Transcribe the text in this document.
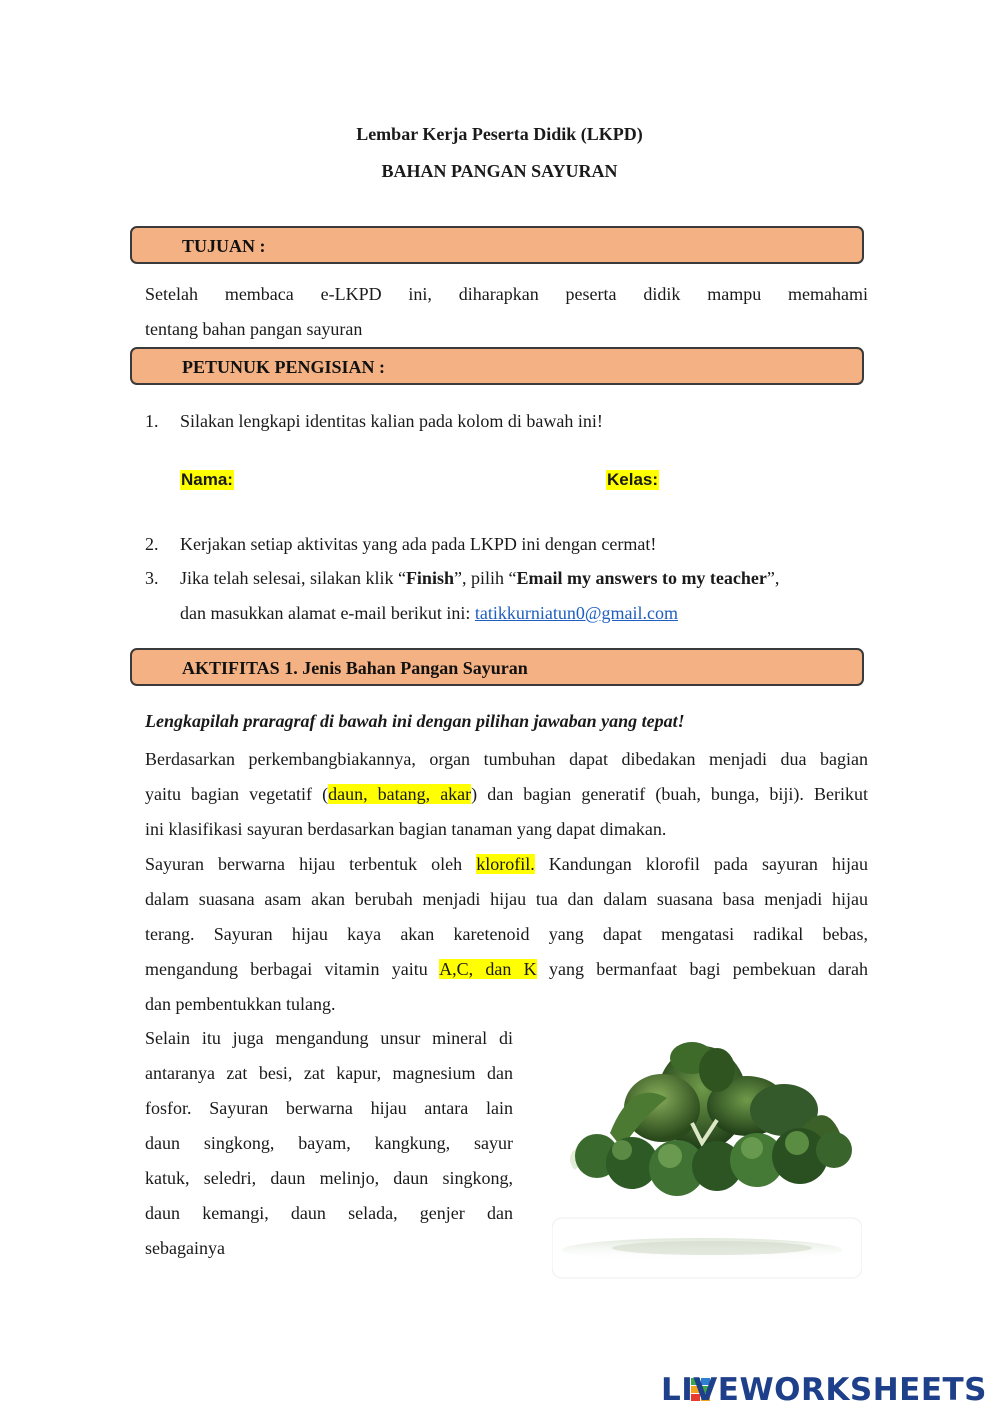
Lembar Kerja Peserta Didik (LKPD)
BAHAN PANGAN SAYURAN
TUJUAN :
Setelah membaca e-LKPD ini, diharapkan peserta didik mampu memahami
tentang bahan pangan sayuran
PETUNUK PENGISIAN :
1. Silakan lengkapi identitas kalian pada kolom di bawah ini!
Nama:	Kelas:
2. Kerjakan setiap aktivitas yang ada pada LKPD ini dengan cermat!
3. Jika telah selesai, silakan klik “Finish”, pilih “Email my answers to my teacher”,
dan masukkan alamat e-mail berikut ini: tatikkurniatun0@gmail.com
AKTIFITAS 1. Jenis Bahan Pangan Sayuran
Lengkapilah praragraf di bawah ini dengan pilihan jawaban yang tepat!
Berdasarkan perkembangbiakannya, organ tumbuhan dapat dibedakan menjadi dua bagian
yaitu bagian vegetatif (daun, batang, akar) dan bagian generatif (buah, bunga, biji). Berikut
ini klasifikasi sayuran berdasarkan bagian tanaman yang dapat dimakan.
Sayuran berwarna hijau terbentuk oleh klorofil. Kandungan klorofil pada sayuran hijau
dalam suasana asam akan berubah menjadi hijau tua dan dalam suasana basa menjadi hijau
terang. Sayuran hijau kaya akan karetenoid yang dapat mengatasi radikal bebas,
mengandung berbagai vitamin yaitu A,C, dan K yang bermanfaat bagi pembekuan darah
dan pembentukkan tulang.
Selain itu juga mengandung unsur mineral di
antaranya zat besi, zat kapur, magnesium dan
fosfor. Sayuran berwarna hijau antara lain
daun singkong, bayam, kangkung, sayur
katuk, seledri, daun melinjo, daun singkong,
daun kemangi, daun selada, genjer dan
sebagainya
LIVEWORKSHEETS
